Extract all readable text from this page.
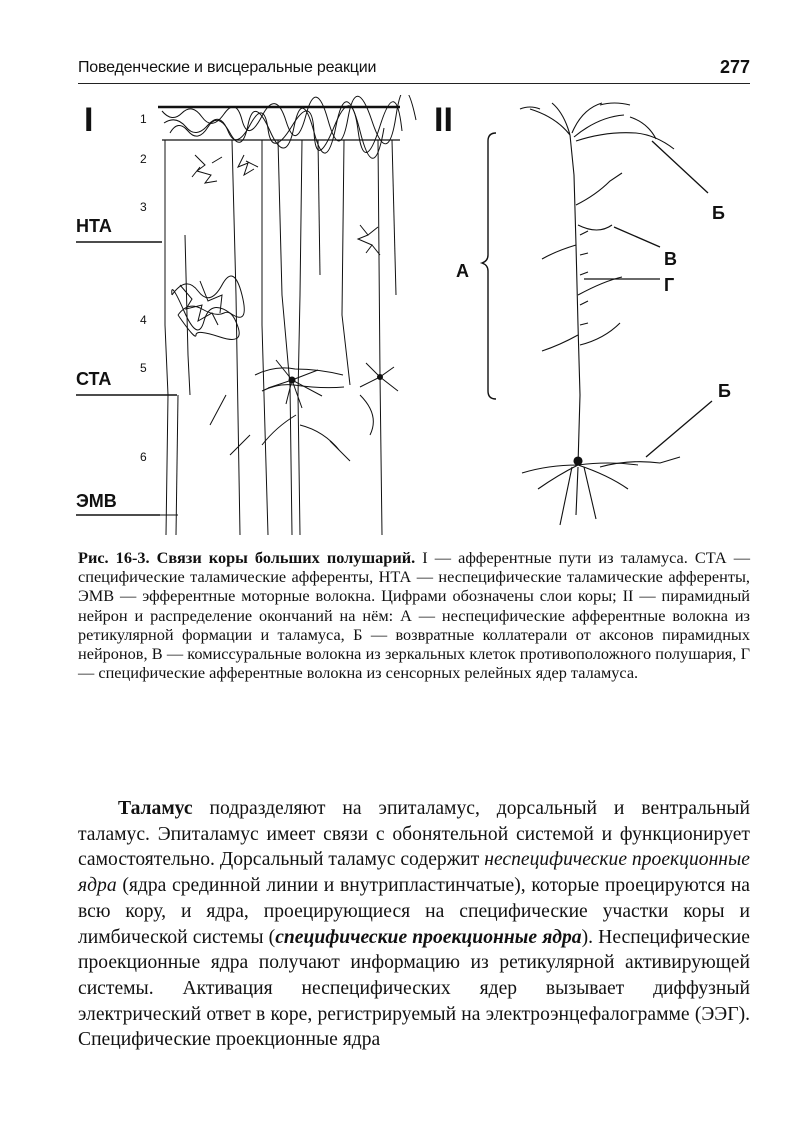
Поведенческие и висцеральные реакции	277
I	1
2
3
4
5
6
НТА
СТА
ЭМВ
II
А
Б
В
Г
Б
Рис. 16-3. Связи коры больших полушарий. I — афферентные пути из таламуса. СТА — специфические таламические афференты, НТА — неспецифические таламические афференты, ЭМВ — эфферентные моторные волокна. Цифрами обозначены слои коры; II — пирамидный нейрон и распределение окончаний на нём: А — неспецифические афферентные волокна из ретикулярной формации и таламуса, Б — возвратные коллатерали от аксонов пирамидных нейронов, В — комиссуральные волокна из зеркальных клеток противоположного полушария, Г — специфические афферентные волокна из сенсорных релейных ядер таламуса.
Таламус подразделяют на эпиталамус, дорсальный и вентральный таламус. Эпиталамус имеет связи с обонятельной системой и функционирует самостоятельно. Дорсальный таламус содержит неспецифические проекционные ядра (ядра срединной линии и внутрипластинчатые), которые проецируются на всю кору, и ядра, проецирующиеся на специфические участки коры и лимбической системы (специфические проекционные ядра). Неспецифические проекционные ядра получают информацию из ретикулярной активирующей системы. Активация неспецифических ядер вызывает диффузный электрический ответ в коре, регистрируемый на электроэнцефалограмме (ЭЭГ). Специфические проекционные ядра
